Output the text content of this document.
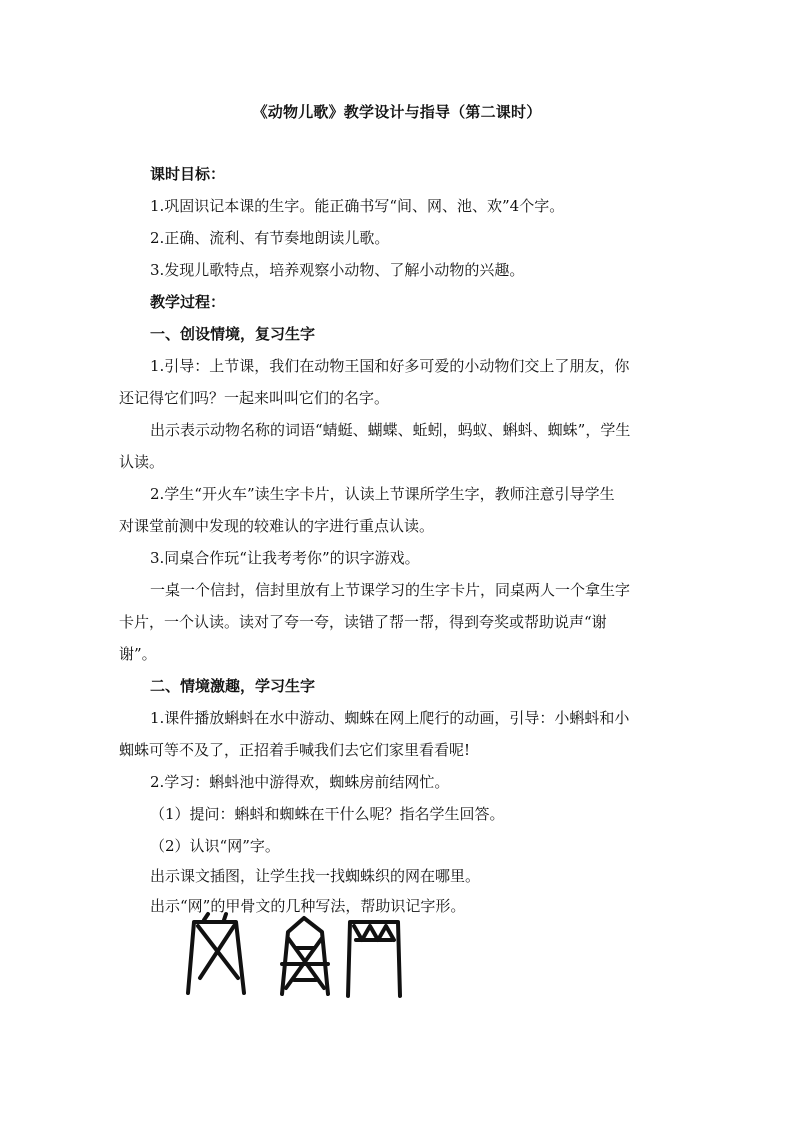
《动物儿歌》教学设计与指导（第二课时）
课时目标：
1.巩固识记本课的生字。能正确书写“间、网、池、欢”4个字。
2.正确、流利、有节奏地朗读儿歌。
3.发现儿歌特点，培养观察小动物、了解小动物的兴趣。
教学过程：
一、创设情境，复习生字
1.引导：上节课，我们在动物王国和好多可爱的小动物们交上了朋友，你
还记得它们吗？一起来叫叫它们的名字。
出示表示动物名称的词语“蜻蜓、蝴蝶、蚯蚓，蚂蚁、蝌蚪、蜘蛛”，学生
认读。
2.学生“开火车”读生字卡片，认读上节课所学生字，教师注意引导学生
对课堂前测中发现的较难认的字进行重点认读。
3.同桌合作玩“让我考考你”的识字游戏。
一桌一个信封，信封里放有上节课学习的生字卡片，同桌两人一个拿生字
卡片，一个认读。读对了夸一夸，读错了帮一帮，得到夸奖或帮助说声“谢
谢”。
二、情境激趣，学习生字
1.课件播放蝌蚪在水中游动、蜘蛛在网上爬行的动画，引导：小蝌蚪和小
蜘蛛可等不及了，正招着手喊我们去它们家里看看呢!
2.学习：蝌蚪池中游得欢，蜘蛛房前结网忙。
（1）提问：蝌蚪和蜘蛛在干什么呢？指名学生回答。
（2）认识“网”字。
出示课文插图，让学生找一找蜘蛛织的网在哪里。
出示“网”的甲骨文的几种写法，帮助识记字形。
